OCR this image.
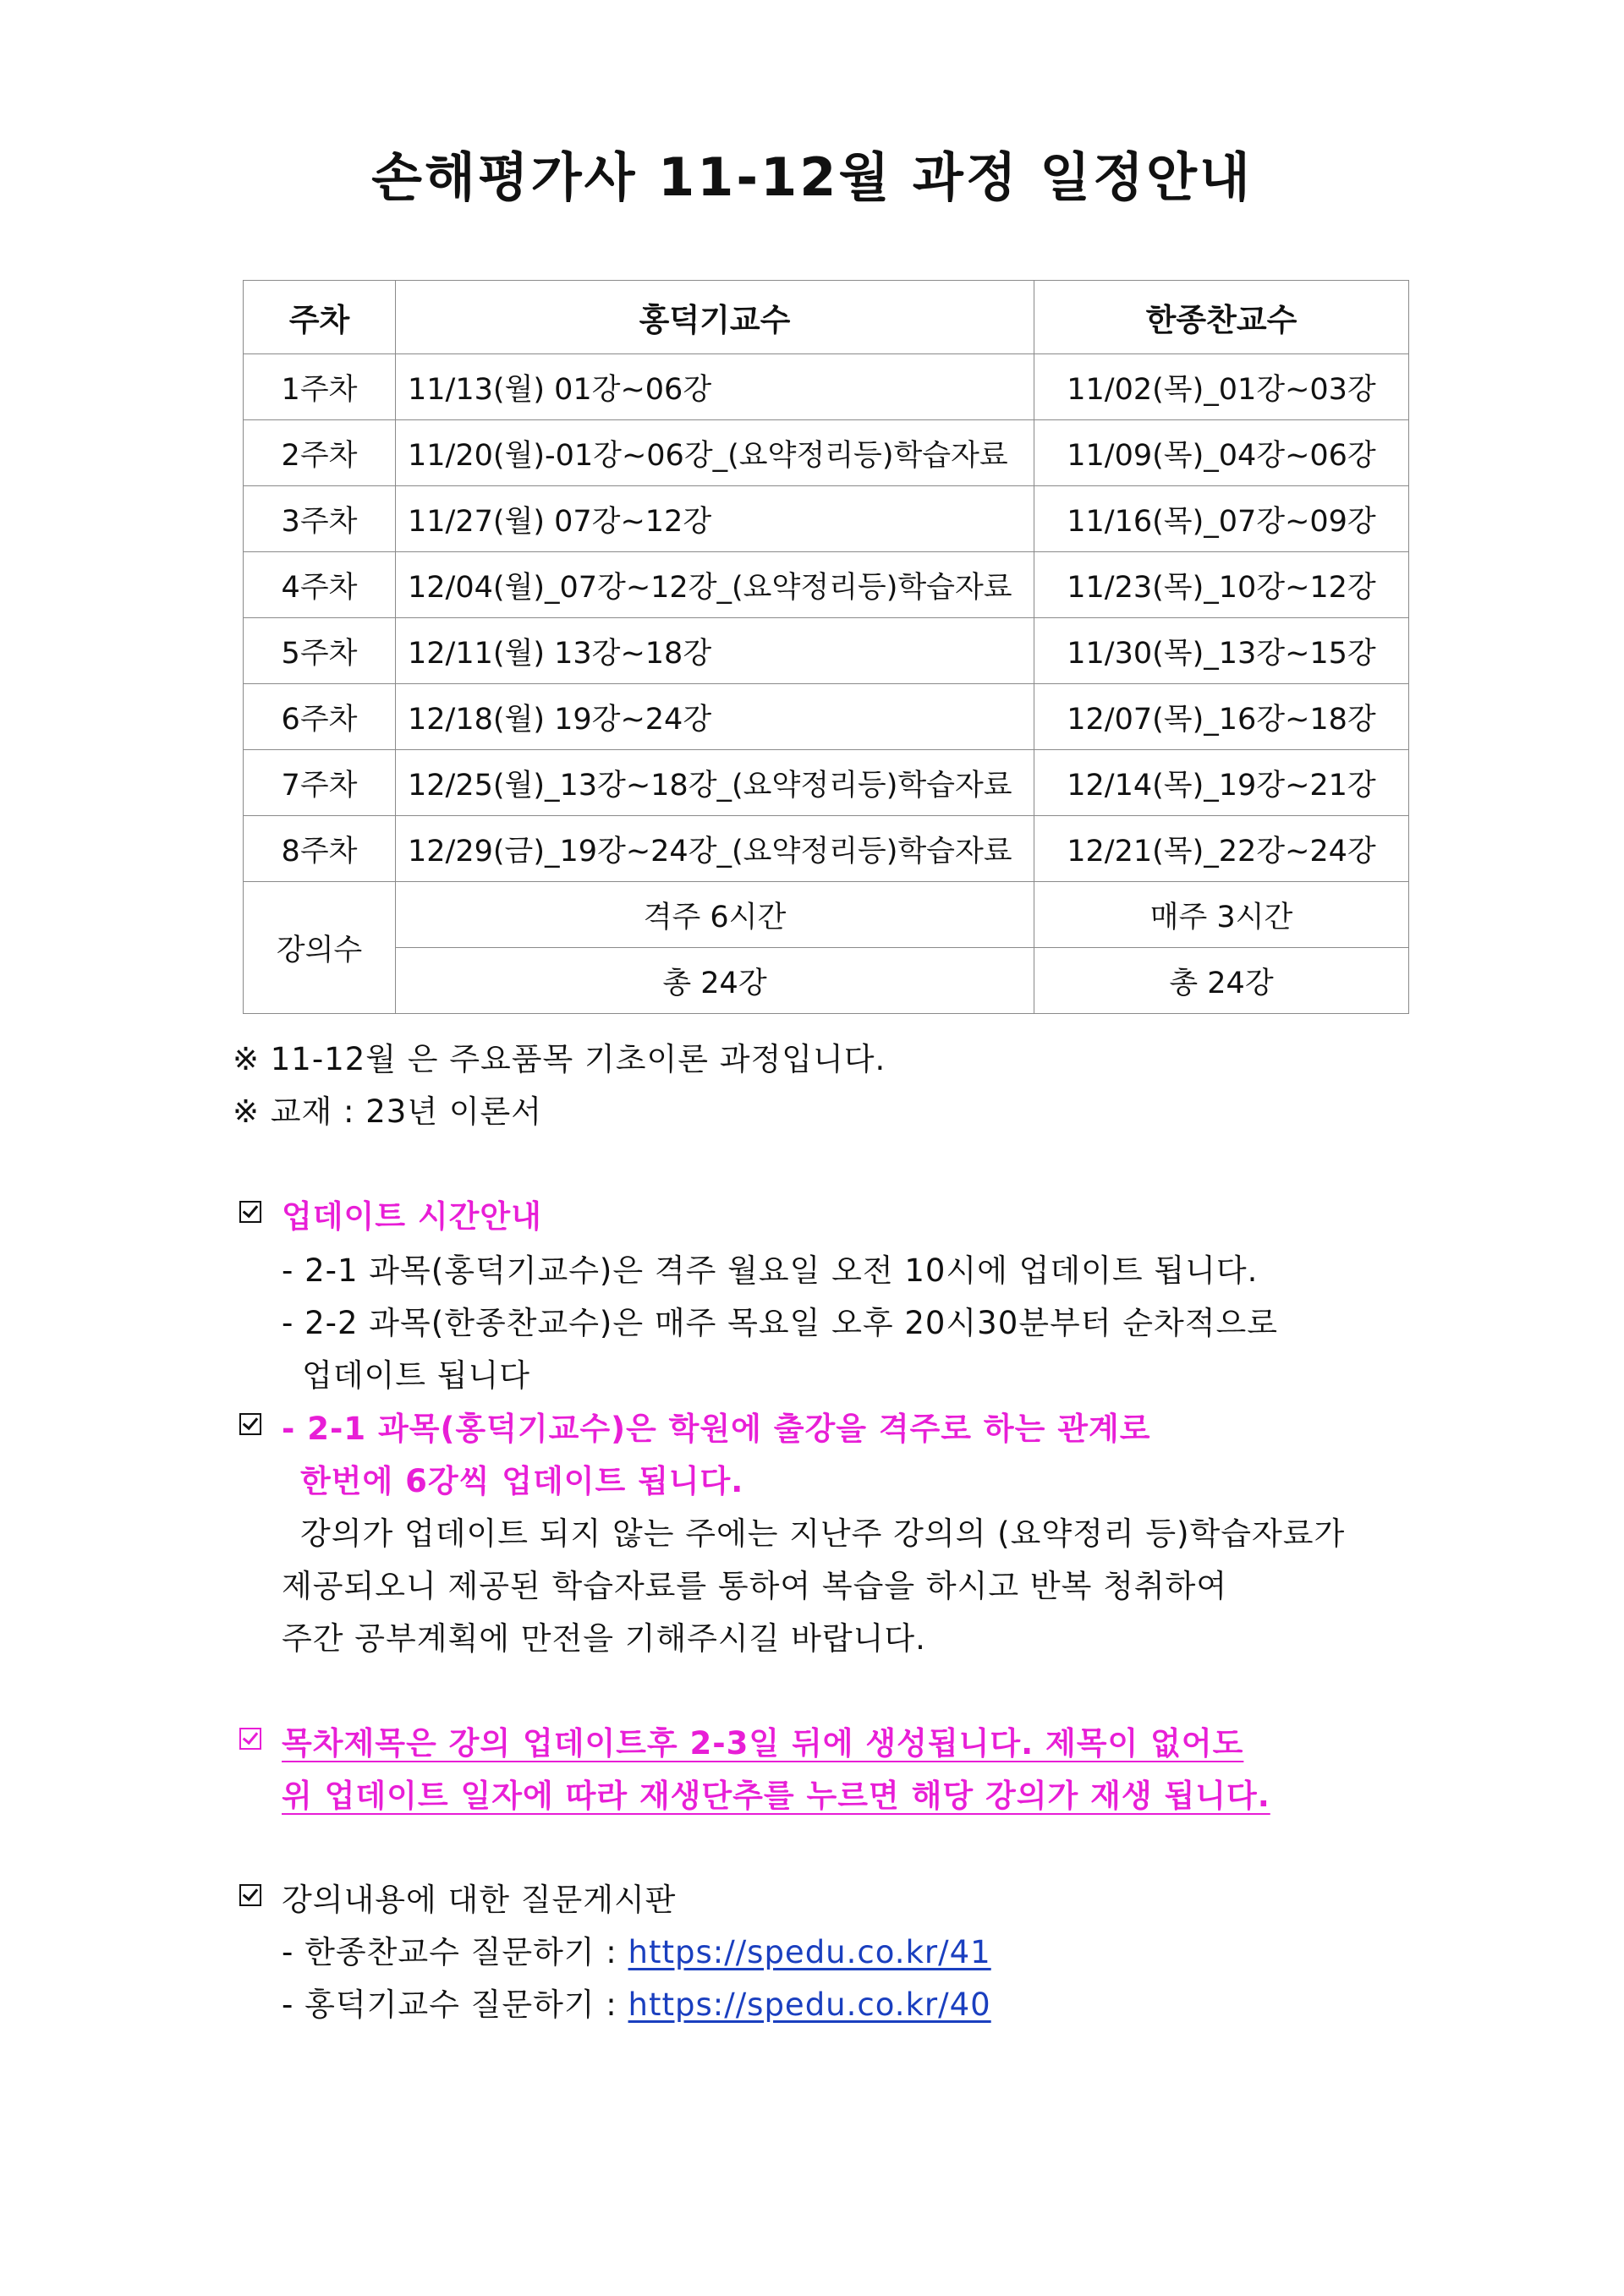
손해평가사 11-12월 과정 일정안내
주차	홍덕기교수	한종찬교수
1주차	11/13(월) 01강~06강	11/02(목)_01강~03강
2주차	11/20(월)-01강~06강_(요약정리등)학습자료	11/09(목)_04강~06강
3주차	11/27(월) 07강~12강	11/16(목)_07강~09강
4주차	12/04(월)_07강~12강_(요약정리등)학습자료	11/23(목)_10강~12강
5주차	12/11(월) 13강~18강	11/30(목)_13강~15강
6주차	12/18(월) 19강~24강	12/07(목)_16강~18강
7주차	12/25(월)_13강~18강_(요약정리등)학습자료	12/14(목)_19강~21강
8주차	12/29(금)_19강~24강_(요약정리등)학습자료	12/21(목)_22강~24강
강의수	격주 6시간	매주 3시간
	총 24강	총 24강
※ 11-12월 은 주요품목 기초이론 과정입니다.
※ 교재 : 23년 이론서
업데이트 시간안내
- 2-1 과목(홍덕기교수)은 격주 월요일 오전 10시에 업데이트 됩니다.
- 2-2 과목(한종찬교수)은 매주 목요일 오후 20시30분부터 순차적으로
업데이트 됩니다
- 2-1 과목(홍덕기교수)은 학원에 출강을 격주로 하는 관계로
한번에 6강씩 업데이트 됩니다.
강의가 업데이트 되지 않는 주에는 지난주 강의의 (요약정리 등)학습자료가
제공되오니 제공된 학습자료를 통하여 복습을 하시고 반복 청취하여
주간 공부계획에 만전을 기해주시길 바랍니다.
목차제목은 강의 업데이트후 2-3일 뒤에 생성됩니다. 제목이 없어도
위 업데이트 일자에 따라 재생단추를 누르면 해당 강의가 재생 됩니다.
강의내용에 대한 질문게시판
- 한종찬교수 질문하기 : https://spedu.co.kr/41
- 홍덕기교수 질문하기 : https://spedu.co.kr/40
